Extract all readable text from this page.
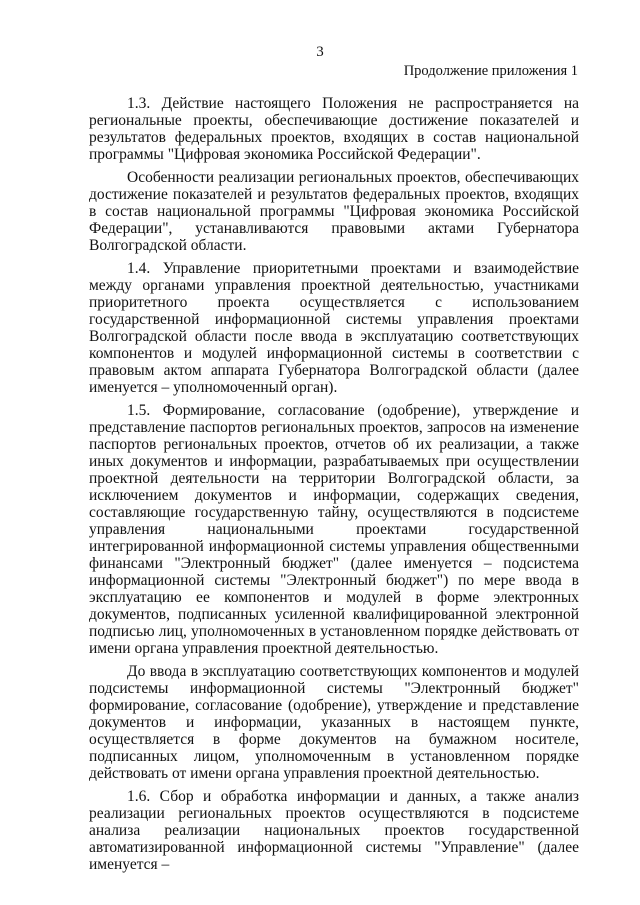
3
Продолжение приложения 1

1.3. Действие настоящего Положения не распространяется на региональные проекты, обеспечивающие достижение показателей и результатов федеральных проектов, входящих в состав национальной программы "Цифровая экономика Российской Федерации".

Особенности реализации региональных проектов, обеспечивающих достижение показателей и результатов федеральных проектов, входящих в состав национальной программы "Цифровая экономика Российской Федерации", устанавливаются правовыми актами Губернатора Волгоградской области.

1.4. Управление приоритетными проектами и взаимодействие между органами управления проектной деятельностью, участниками приоритетного проекта осуществляется с использованием государственной информационной системы управления проектами Волгоградской области после ввода в эксплуатацию соответствующих компонентов и модулей информационной системы в соответствии с правовым актом аппарата Губернатора Волгоградской области (далее именуется – уполномоченный орган).

1.5. Формирование, согласование (одобрение), утверждение и представление паспортов региональных проектов, запросов на изменение паспортов региональных проектов, отчетов об их реализации, а также иных документов и информации, разрабатываемых при осуществлении проектной деятельности на территории Волгоградской области, за исключением документов и информации, содержащих сведения, составляющие государственную тайну, осуществляются в подсистеме управления национальными проектами государственной интегрированной информационной системы управления общественными финансами "Электронный бюджет" (далее именуется – подсистема информационной системы "Электронный бюджет") по мере ввода в эксплуатацию ее компонентов и модулей в форме электронных документов, подписанных усиленной квалифицированной электронной подписью лиц, уполномоченных в установленном порядке действовать от имени органа управления проектной деятельностью.

До ввода в эксплуатацию соответствующих компонентов и модулей подсистемы информационной системы "Электронный бюджет" формирование, согласование (одобрение), утверждение и представление документов и информации, указанных в настоящем пункте, осуществляется в форме документов на бумажном носителе, подписанных лицом, уполномоченным в установленном порядке действовать от имени органа управления проектной деятельностью.

1.6. Сбор и обработка информации и данных, а также анализ реализации региональных проектов осуществляются в подсистеме анализа реализации национальных проектов государственной автоматизированной информационной системы "Управление" (далее именуется –
